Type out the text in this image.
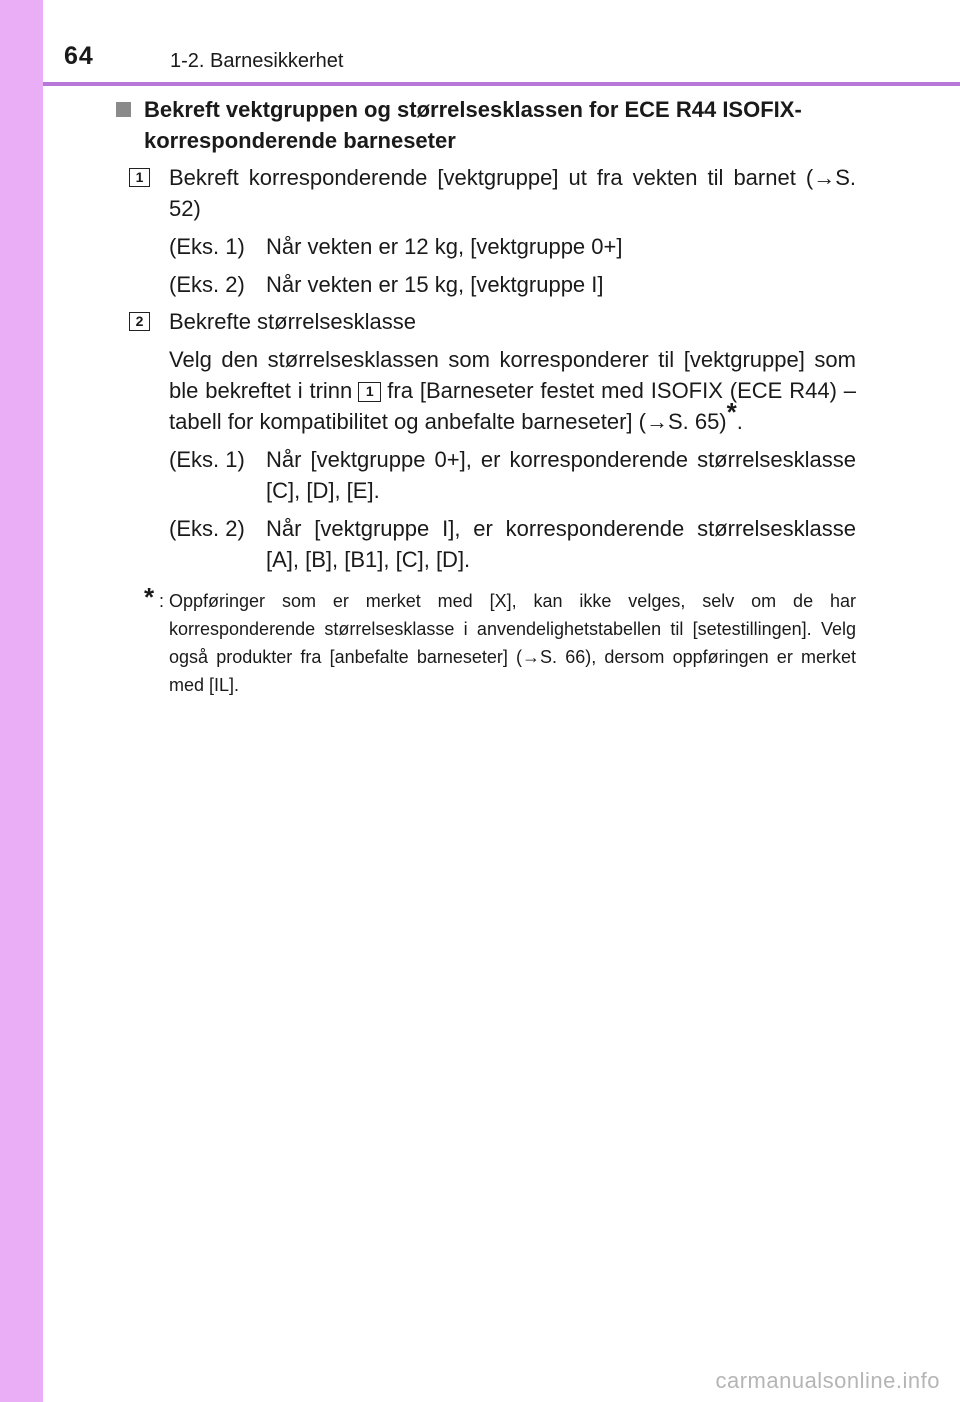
64	1-2. Barnesikkerhet
Bekreft vektgruppen og størrelsesklassen for ECE R44 ISOFIX-korresponderende barneseter
1	Bekreft korresponderende [vektgruppe] ut fra vekten til barnet (→S. 52)
(Eks. 1) Når vekten er 12 kg, [vektgruppe 0+]
(Eks. 2) Når vekten er 15 kg, [vektgruppe I]
2	Bekrefte størrelsesklasse
Velg den størrelsesklassen som korresponderer til [vektgruppe] som ble bekreftet i trinn 1 fra [Barneseter festet med ISOFIX (ECE R44) – tabell for kompatibilitet og anbefalte barneseter] (→S. 65)*.
(Eks. 1) Når [vektgruppe 0+], er korresponderende størrelsesklasse [C], [D], [E].
(Eks. 2) Når [vektgruppe I], er korresponderende størrelsesklasse [A], [B], [B1], [C], [D].
* : Oppføringer som er merket med [X], kan ikke velges, selv om de har korresponderende størrelsesklasse i anvendelighetstabellen til [setestillingen]. Velg også produkter fra [anbefalte barneseter] (→S. 66), dersom oppføringen er merket med [IL].
carmanualsonline.info
